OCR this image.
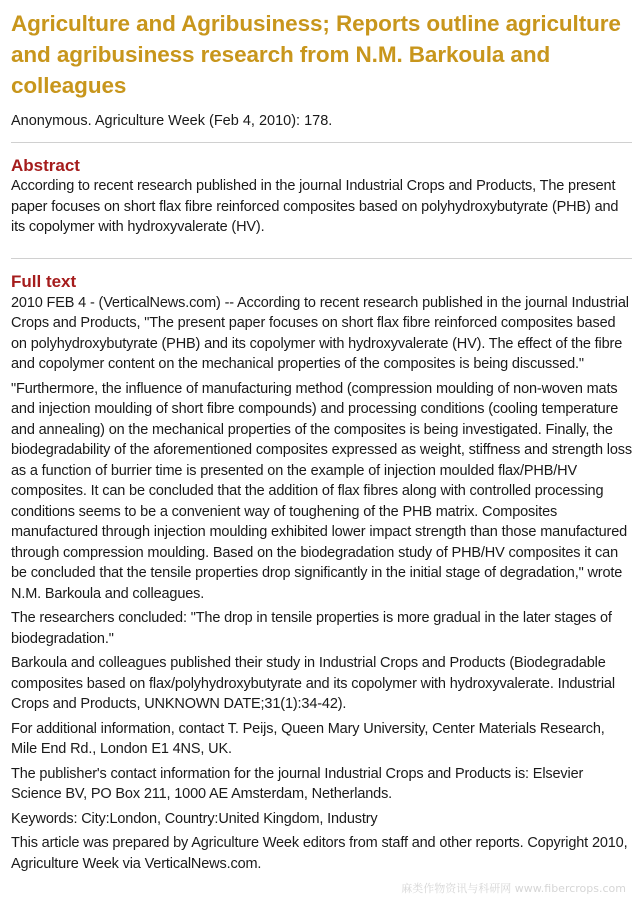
Agriculture and Agribusiness; Reports outline agriculture and agribusiness research from N.M. Barkoula and colleagues
Anonymous. Agriculture Week (Feb 4, 2010): 178.
Abstract

According to recent research published in the journal Industrial Crops and Products, The present paper focuses on short flax fibre reinforced composites based on polyhydroxybutyrate (PHB) and its copolymer with hydroxyvalerate (HV).

Full text

2010 FEB 4 - (VerticalNews.com) -- According to recent research published in the journal Industrial Crops and Products, "The present paper focuses on short flax fibre reinforced composites based on polyhydroxybutyrate (PHB) and its copolymer with hydroxyvalerate (HV). The effect of the fibre and copolymer content on the mechanical properties of the composites is being discussed."

"Furthermore, the influence of manufacturing method (compression moulding of non-woven mats and injection moulding of short fibre compounds) and processing conditions (cooling temperature and annealing) on the mechanical properties of the composites is being investigated. Finally, the biodegradability of the aforementioned composites expressed as weight, stiffness and strength loss as a function of burrier time is presented on the example of injection moulded flax/PHB/HV composites. It can be concluded that the addition of flax fibres along with controlled processing conditions seems to be a convenient way of toughening of the PHB matrix. Composites manufactured through injection moulding exhibited lower impact strength than those manufactured through compression moulding. Based on the biodegradation study of PHB/HV composites it can be concluded that the tensile properties drop significantly in the initial stage of degradation," wrote N.M. Barkoula and colleagues.

The researchers concluded: "The drop in tensile properties is more gradual in the later stages of biodegradation."

Barkoula and colleagues published their study in Industrial Crops and Products (Biodegradable composites based on flax/polyhydroxybutyrate and its copolymer with hydroxyvalerate. Industrial Crops and Products, UNKNOWN DATE;31(1):34-42).

For additional information, contact T. Peijs, Queen Mary University, Center Materials Research, Mile End Rd., London E1 4NS, UK.

The publisher's contact information for the journal Industrial Crops and Products is: Elsevier Science BV, PO Box 211, 1000 AE Amsterdam, Netherlands.

Keywords: City:London, Country:United Kingdom, Industry

This article was prepared by Agriculture Week editors from staff and other reports. Copyright 2010, Agriculture Week via VerticalNews.com.

麻类作物资讯与科研网 www.fibercrops.com
